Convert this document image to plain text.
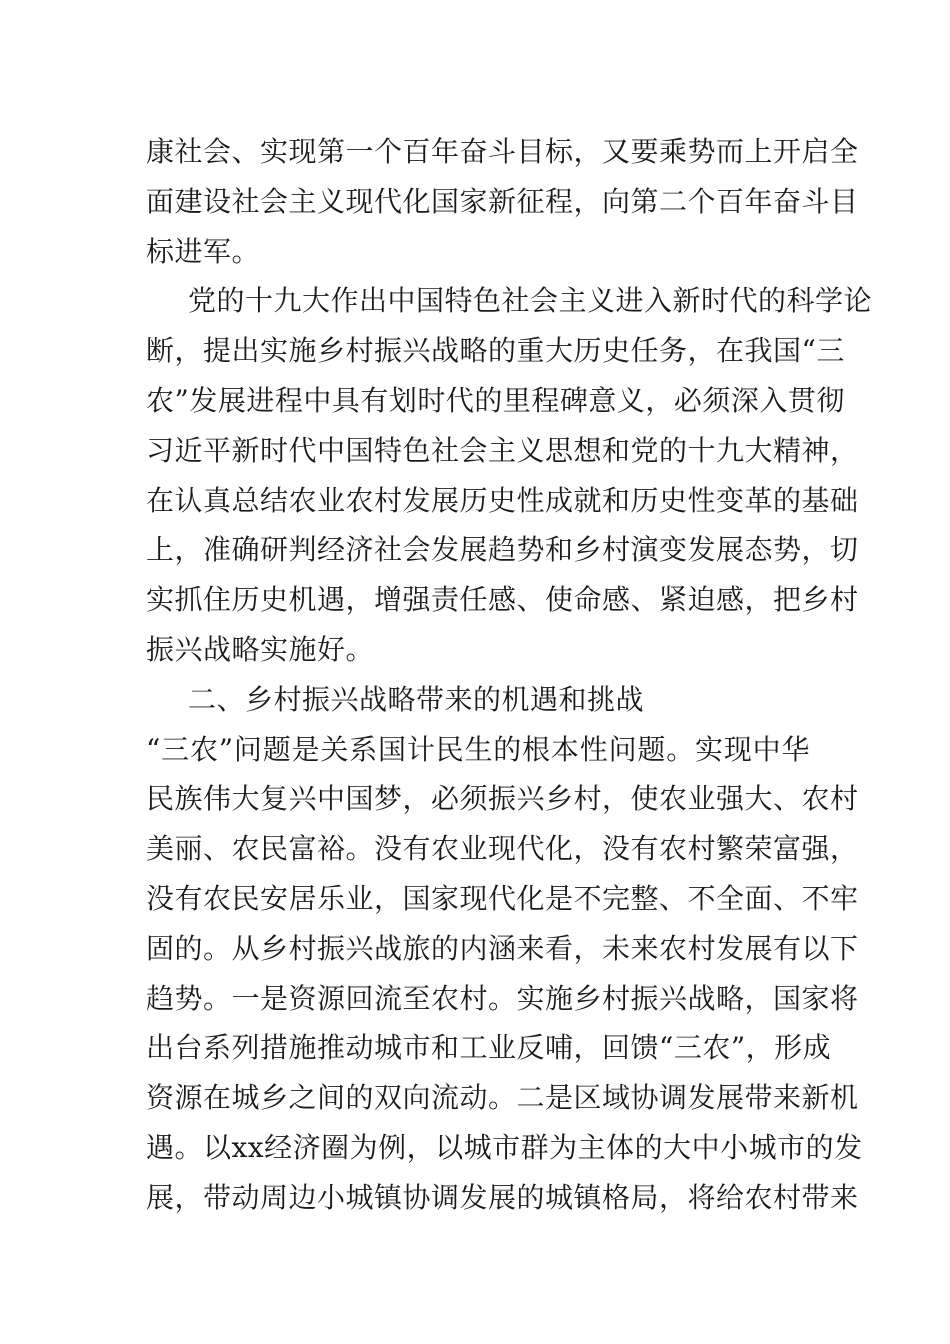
康社会、实现第一个百年奋斗目标，又要乘势而上开启全
面建设社会主义现代化国家新征程，向第二个百年奋斗目
标进军。
党的十九大作出中国特色社会主义进入新时代的科学论
断，提出实施乡村振兴战略的重大历史任务，在我国“三
农”发展进程中具有划时代的里程碑意义，必须深入贯彻
习近平新时代中国特色社会主义思想和党的十九大精神，
在认真总结农业农村发展历史性成就和历史性变革的基础
上，准确研判经济社会发展趋势和乡村演变发展态势，切
实抓住历史机遇，增强责任感、使命感、紧迫感，把乡村
振兴战略实施好。
二、乡村振兴战略带来的机遇和挑战
“三农”问题是关系国计民生的根本性问题。实现中华
民族伟大复兴中国梦，必须振兴乡村，使农业强大、农村
美丽、农民富裕。没有农业现代化，没有农村繁荣富强，
没有农民安居乐业，国家现代化是不完整、不全面、不牢
固的。从乡村振兴战旅的内涵来看，未来农村发展有以下
趋势。一是资源回流至农村。实施乡村振兴战略，国家将
出台系列措施推动城市和工业反哺，回馈“三农”，形成
资源在城乡之间的双向流动。二是区域协调发展带来新机
遇。以xx经济圈为例，以城市群为主体的大中小城市的发
展，带动周边小城镇协调发展的城镇格局，将给农村带来
